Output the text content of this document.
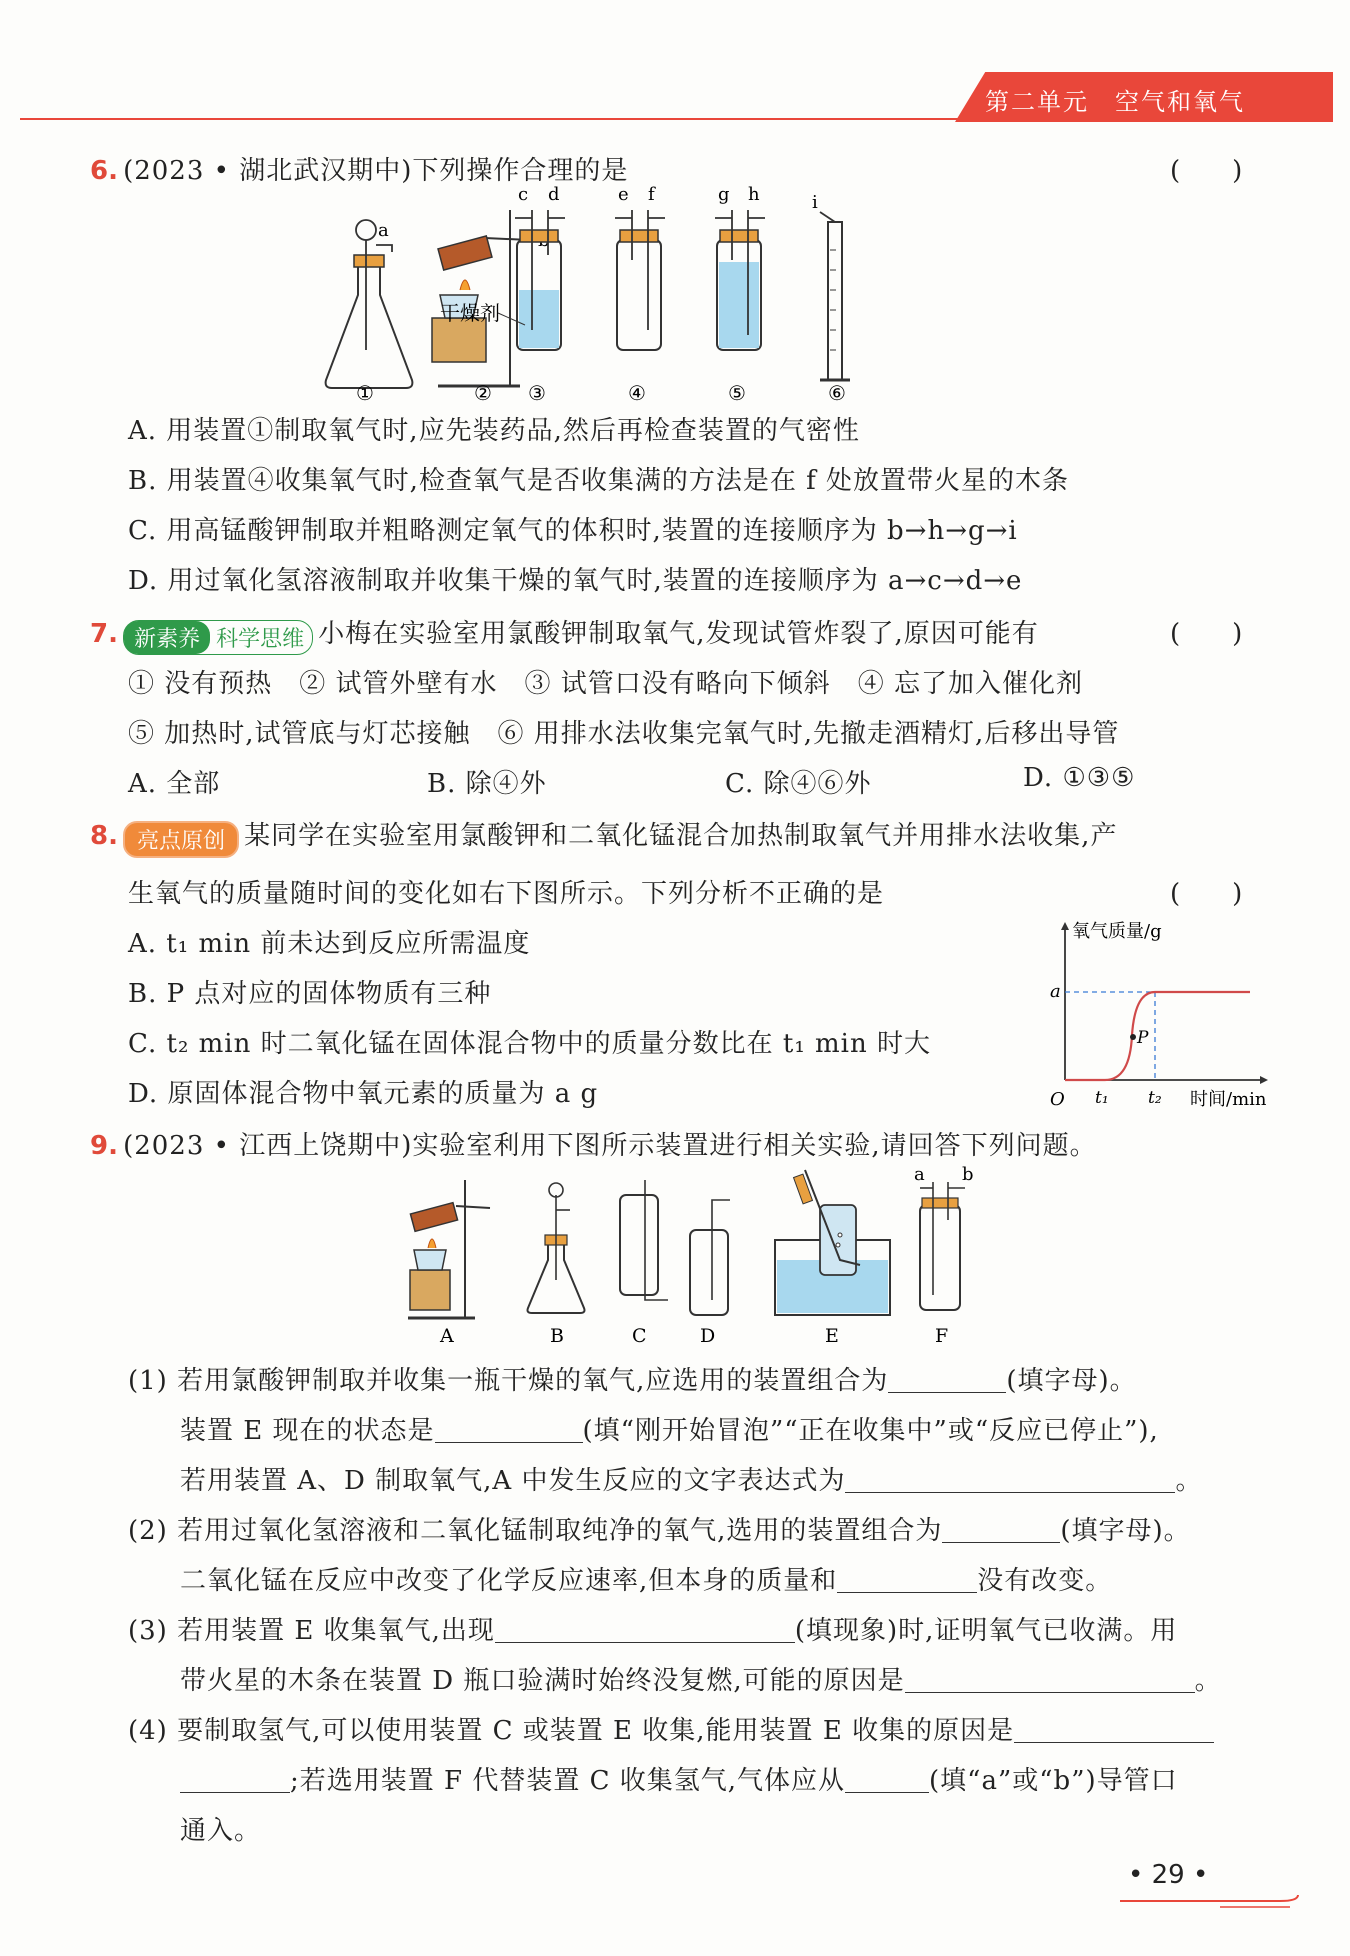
第二单元　空气和氧气
6. (2023 • 湖北武汉期中)下列操作合理的是	(　　)
a
c d
干燥剂
e f	g h	i
①	② ③	④	⑤	⑥
A. 用装置①制取氧气时,应先装药品,然后再检查装置的气密性
B. 用装置④收集氧气时,检查氧气是否收集满的方法是在 f 处放置带火星的木条
C. 用高锰酸钾制取并粗略测定氧气的体积时,装置的连接顺序为 b→h→g→i
D. 用过氧化氢溶液制取并收集干燥的氧气时,装置的连接顺序为 a→c→d→e
7. 新素养 科学思维 小梅在实验室用氯酸钾制取氧气,发现试管炸裂了,原因可能有	(　　)
① 没有预热　② 试管外壁有水　③ 试管口没有略向下倾斜　④ 忘了加入催化剂
⑤ 加热时,试管底与灯芯接触　⑥ 用排水法收集完氧气时,先撤走酒精灯,后移出导管
A. 全部	B. 除④外	C. 除④⑥外	D. ①③⑤
8. 亮点原创 某同学在实验室用氯酸钾和二氧化锰混合加热制取氧气并用排水法收集,产
生氧气的质量随时间的变化如右下图所示。下列分析不正确的是	(　　)
A. t₁ min 前未达到反应所需温度
B. P 点对应的固体物质有三种
C. t₂ min 时二氧化锰在固体混合物中的质量分数比在 t₁ min 时大
D. 原固体混合物中氧元素的质量为 a g
氧气质量/g
时间/min
O t₁ t₂
a
P
9. (2023 • 江西上饶期中)实验室利用下图所示装置进行相关实验,请回答下列问题。
a b
A	B	C	D	E	F
(1) 若用氯酸钾制取并收集一瓶干燥的氧气,应选用的装置组合为	(填字母)。
装置 E 现在的状态是	(填“刚开始冒泡”“正在收集中”或“反应已停止”),
若用装置 A、D 制取氧气,A 中发生反应的文字表达式为	。
(2) 若用过氧化氢溶液和二氧化锰制取纯净的氧气,选用的装置组合为	(填字母)。
二氧化锰在反应中改变了化学反应速率,但本身的质量和	没有改变。
(3) 若用装置 E 收集氧气,出现	(填现象)时,证明氧气已收满。用
带火星的木条在装置 D 瓶口验满时始终没复燃,可能的原因是	。
(4) 要制取氢气,可以使用装置 C 或装置 E 收集,能用装置 E 收集的原因是
;若选用装置 F 代替装置 C 收集氢气,气体应从	(填“a”或“b”)导管口
通入。
• 29 •
